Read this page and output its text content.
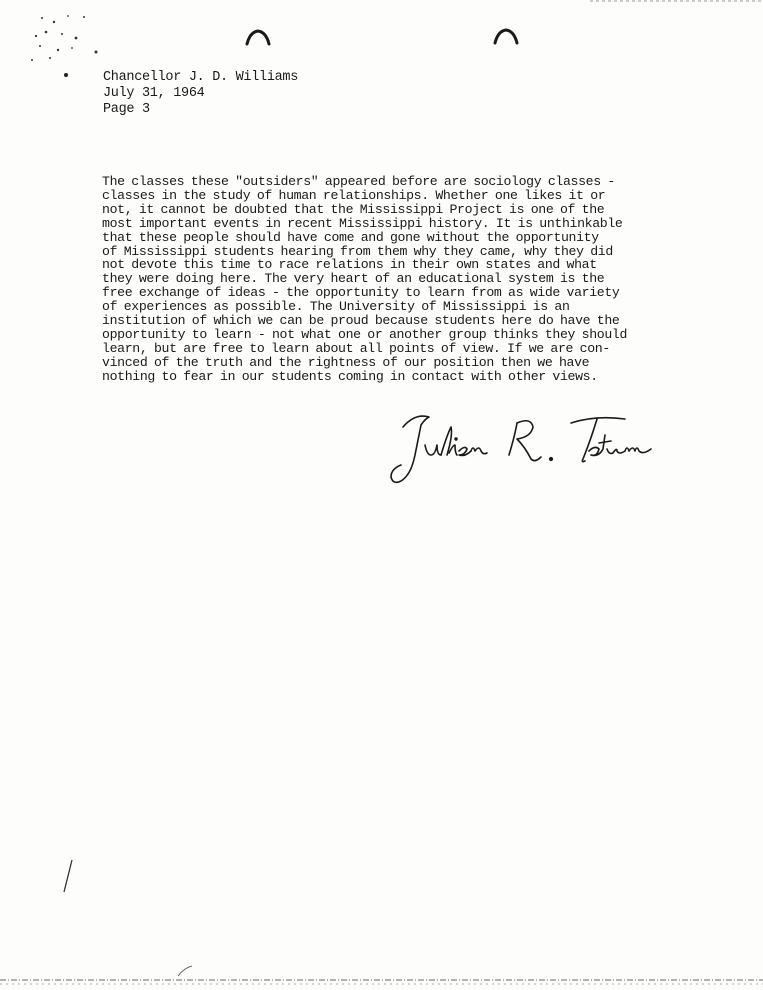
Chancellor J. D. Williams
July 31, 1964
Page 3
The classes these "outsiders" appeared before are sociology classes -
classes in the study of human relationships. Whether one likes it or
not, it cannot be doubted that the Mississippi Project is one of the
most important events in recent Mississippi history. It is unthinkable
that these people should have come and gone without the opportunity
of Mississippi students hearing from them why they came, why they did
not devote this time to race relations in their own states and what
they were doing here. The very heart of an educational system is the
free exchange of ideas - the opportunity to learn from as wide variety
of experiences as possible. The University of Mississippi is an
institution of which we can be proud because students here do have the
opportunity to learn - not what one or another group thinks they should
learn, but are free to learn about all points of view. If we are con-
vinced of the truth and the rightness of our position then we have
nothing to fear in our students coming in contact with other views.
